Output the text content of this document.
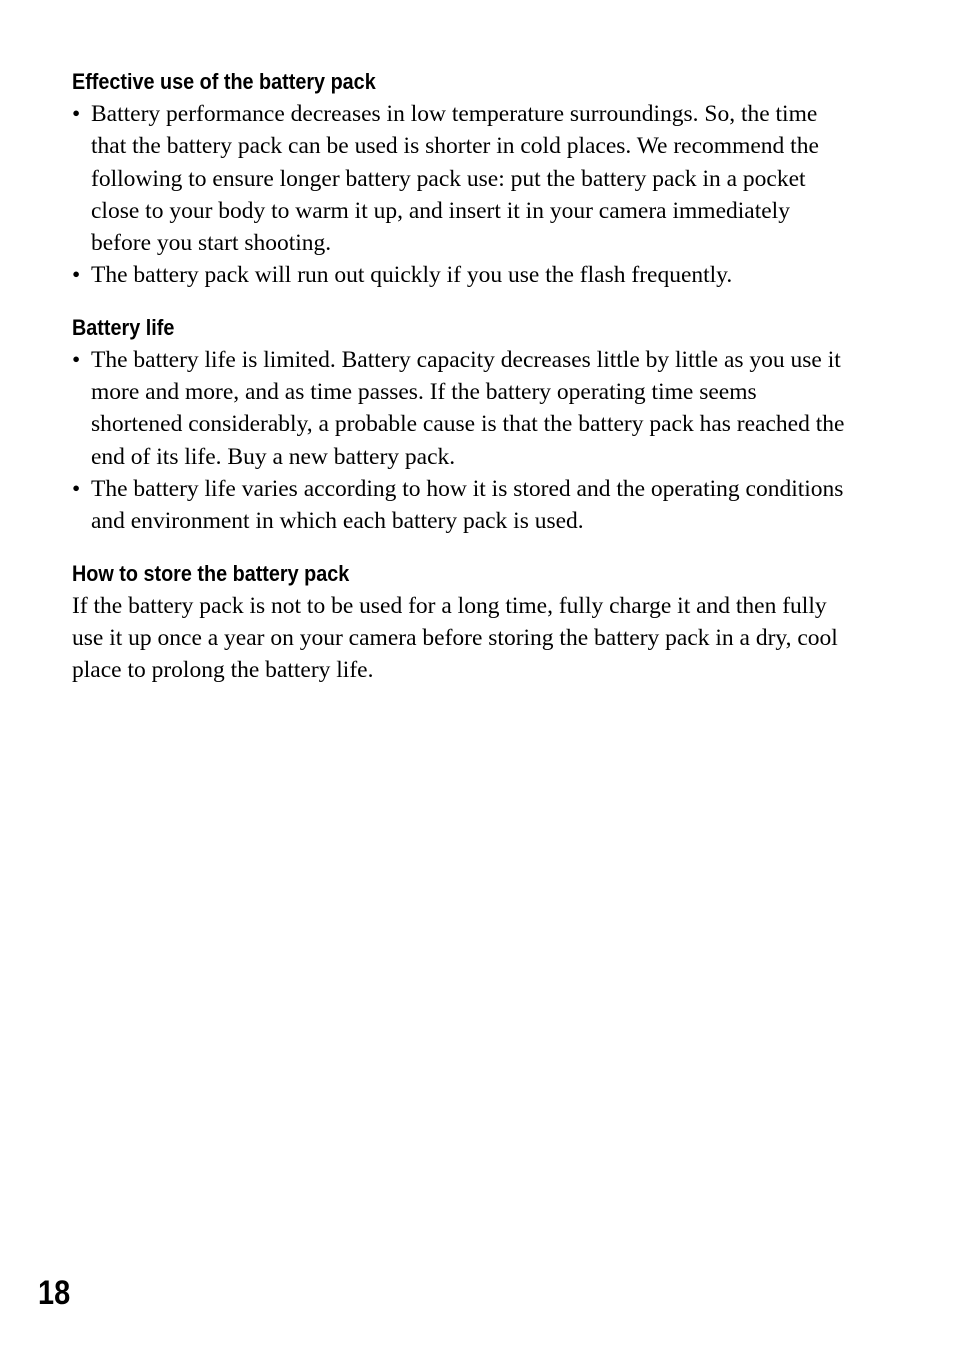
Effective use of the battery pack
• Battery performance decreases in low temperature surroundings. So, the time that the battery pack can be used is shorter in cold places. We recommend the following to ensure longer battery pack use: put the battery pack in a pocket close to your body to warm it up, and insert it in your camera immediately before you start shooting.
• The battery pack will run out quickly if you use the flash frequently.
Battery life
• The battery life is limited. Battery capacity decreases little by little as you use it more and more, and as time passes. If the battery operating time seems shortened considerably, a probable cause is that the battery pack has reached the end of its life. Buy a new battery pack.
• The battery life varies according to how it is stored and the operating conditions and environment in which each battery pack is used.
How to store the battery pack

If the battery pack is not to be used for a long time, fully charge it and then fully use it up once a year on your camera before storing the battery pack in a dry, cool place to prolong the battery life.

18
